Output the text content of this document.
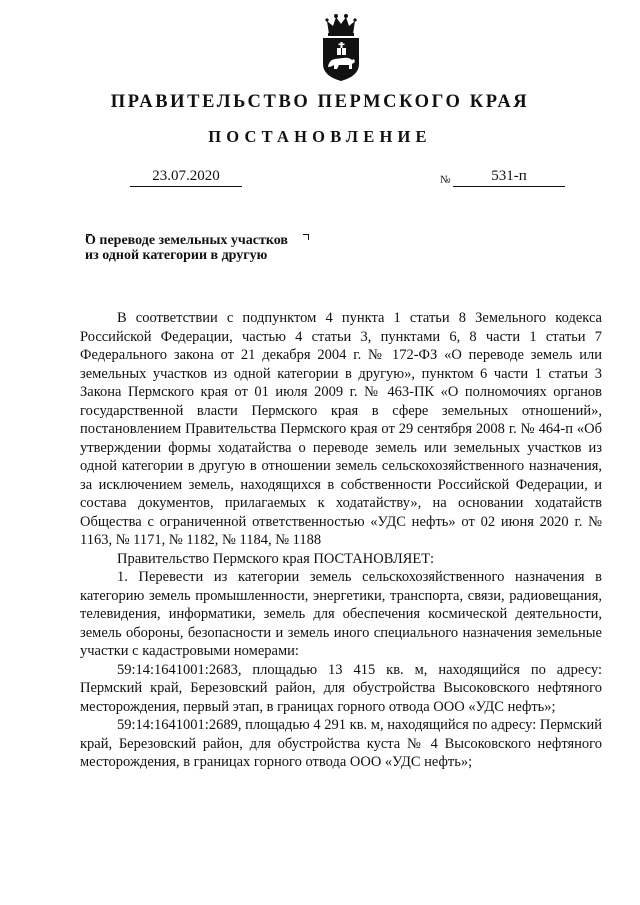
ПРАВИТЕЛЬСТВО ПЕРМСКОГО КРАЯ
ПОСТАНОВЛЕНИЕ
23.07.2020	№	531-п
О переводе земельных участков
из одной категории в другую

В соответствии с подпунктом 4 пункта 1 статьи 8 Земельного кодекса Российской Федерации, частью 4 статьи 3, пунктами 6, 8 части 1 статьи 7 Федерального закона от 21 декабря 2004 г. № 172-ФЗ «О переводе земель или земельных участков из одной категории в другую», пунктом 6 части 1 статьи 3 Закона Пермского края от 01 июля 2009 г. № 463-ПК «О полномочиях органов государственной власти Пермского края в сфере земельных отношений», постановлением Правительства Пермского края от 29 сентября 2008 г. № 464-п «Об утверждении формы ходатайства о переводе земель или земельных участков из одной категории в другую в отношении земель сельскохозяйственного назначения, за исключением земель, находящихся в собственности Российской Федерации, и состава документов, прилагаемых к ходатайству», на основании ходатайств Общества с ограниченной ответственностью «УДС нефть» от 02 июня 2020 г. № 1163, № 1171, № 1182, № 1184, № 1188

Правительство Пермского края ПОСТАНОВЛЯЕТ:

1. Перевести из категории земель сельскохозяйственного назначения в категорию земель промышленности, энергетики, транспорта, связи, радиовещания, телевидения, информатики, земель для обеспечения космической деятельности, земель обороны, безопасности и земель иного специального назначения земельные участки с кадастровыми номерами:

59:14:1641001:2683, площадью 13 415 кв. м, находящийся по адресу: Пермский край, Березовский район, для обустройства Высоковского нефтяного месторождения, первый этап, в границах горного отвода ООО «УДС нефть»;

59:14:1641001:2689, площадью 4 291 кв. м, находящийся по адресу: Пермский край, Березовский район, для обустройства куста № 4 Высоковского нефтяного месторождения, в границах горного отвода ООО «УДС нефть»;
